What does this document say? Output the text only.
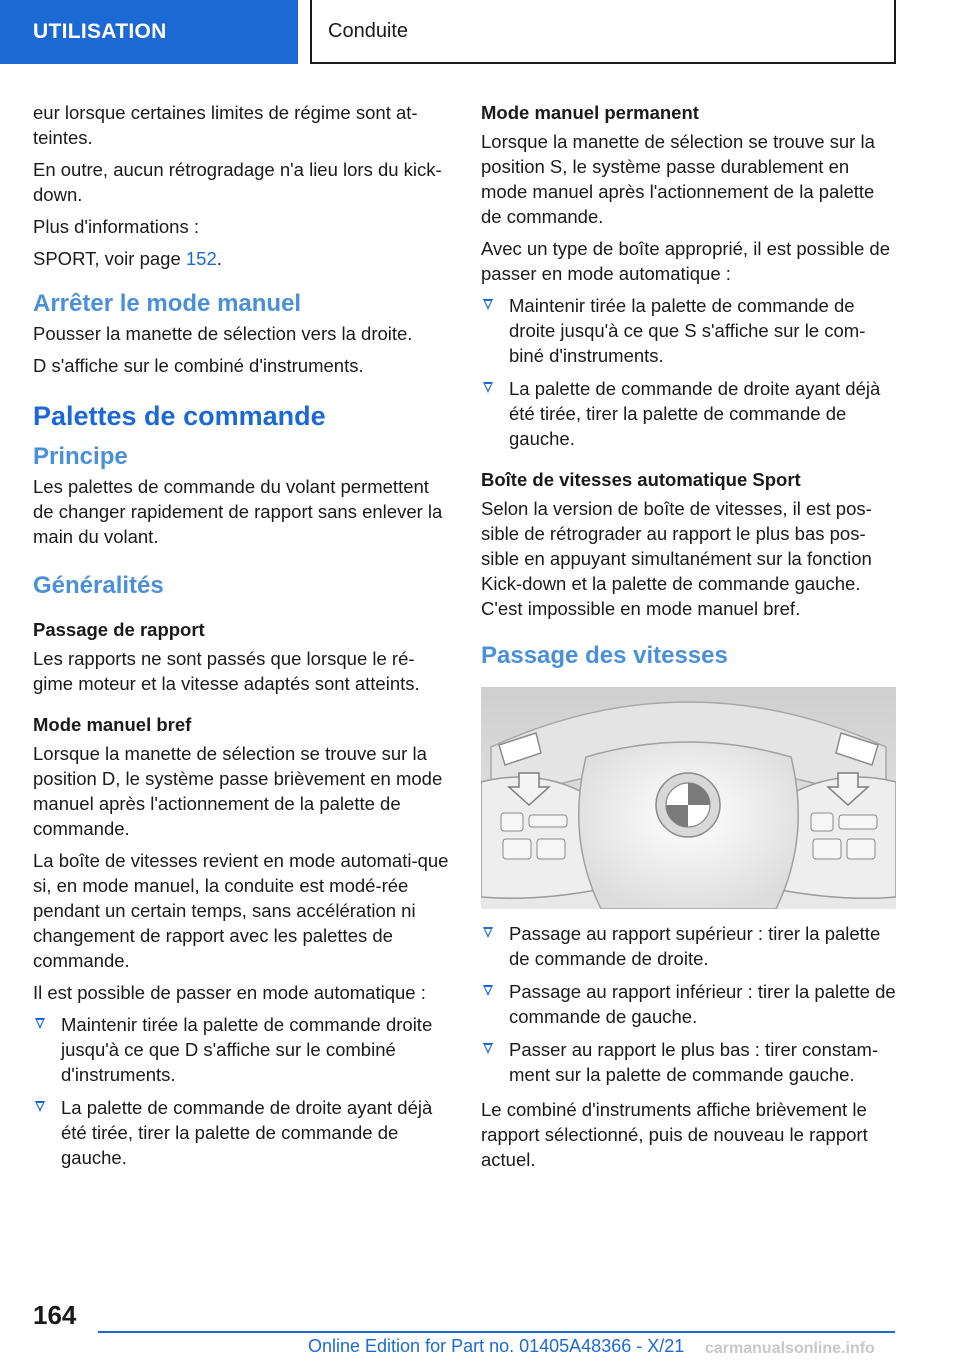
UTILISATION	Conduite

eur lorsque certaines limites de régime sont at-teintes.

En outre, aucun rétrogradage n'a lieu lors du kick-down.

Plus d'informations :

SPORT, voir page 152.

Arrêter le mode manuel

Pousser la manette de sélection vers la droite.

D s'affiche sur le combiné d'instruments.

Palettes de commande
Principe

Les palettes de commande du volant permettent de changer rapidement de rapport sans enlever la main du volant.

Généralités
Passage de rapport

Les rapports ne sont passés que lorsque le ré-gime moteur et la vitesse adaptés sont atteints.

Mode manuel bref

Lorsque la manette de sélection se trouve sur la position D, le système passe brièvement en mode manuel après l'actionnement de la palette de commande.

La boîte de vitesses revient en mode automati-que si, en mode manuel, la conduite est modé-rée pendant un certain temps, sans accélération ni changement de rapport avec les palettes de commande.

Il est possible de passer en mode automatique :

Maintenir tirée la palette de commande droite jusqu'à ce que D s'affiche sur le combiné d'instruments.
La palette de commande de droite ayant déjà été tirée, tirer la palette de commande de gauche.
Mode manuel permanent

Lorsque la manette de sélection se trouve sur la position S, le système passe durablement en mode manuel après l'actionnement de la palette de commande.

Avec un type de boîte approprié, il est possible de passer en mode automatique :

Maintenir tirée la palette de commande de droite jusqu'à ce que S s'affiche sur le com-biné d'instruments.
La palette de commande de droite ayant déjà été tirée, tirer la palette de commande de gauche.
Boîte de vitesses automatique Sport

Selon la version de boîte de vitesses, il est pos-sible de rétrograder au rapport le plus bas pos-sible en appuyant simultanément sur la fonction Kick-down et la palette de commande gauche. C'est impossible en mode manuel bref.

Passage des vitesses
Passage au rapport supérieur : tirer la palette de commande de droite.
Passage au rapport inférieur : tirer la palette de commande de gauche.
Passer au rapport le plus bas : tirer constam-ment sur la palette de commande gauche.

Le combiné d'instruments affiche brièvement le rapport sélectionné, puis de nouveau le rapport actuel.

164
Online Edition for Part no. 01405A48366 - X/21 carmanualsonline.info
